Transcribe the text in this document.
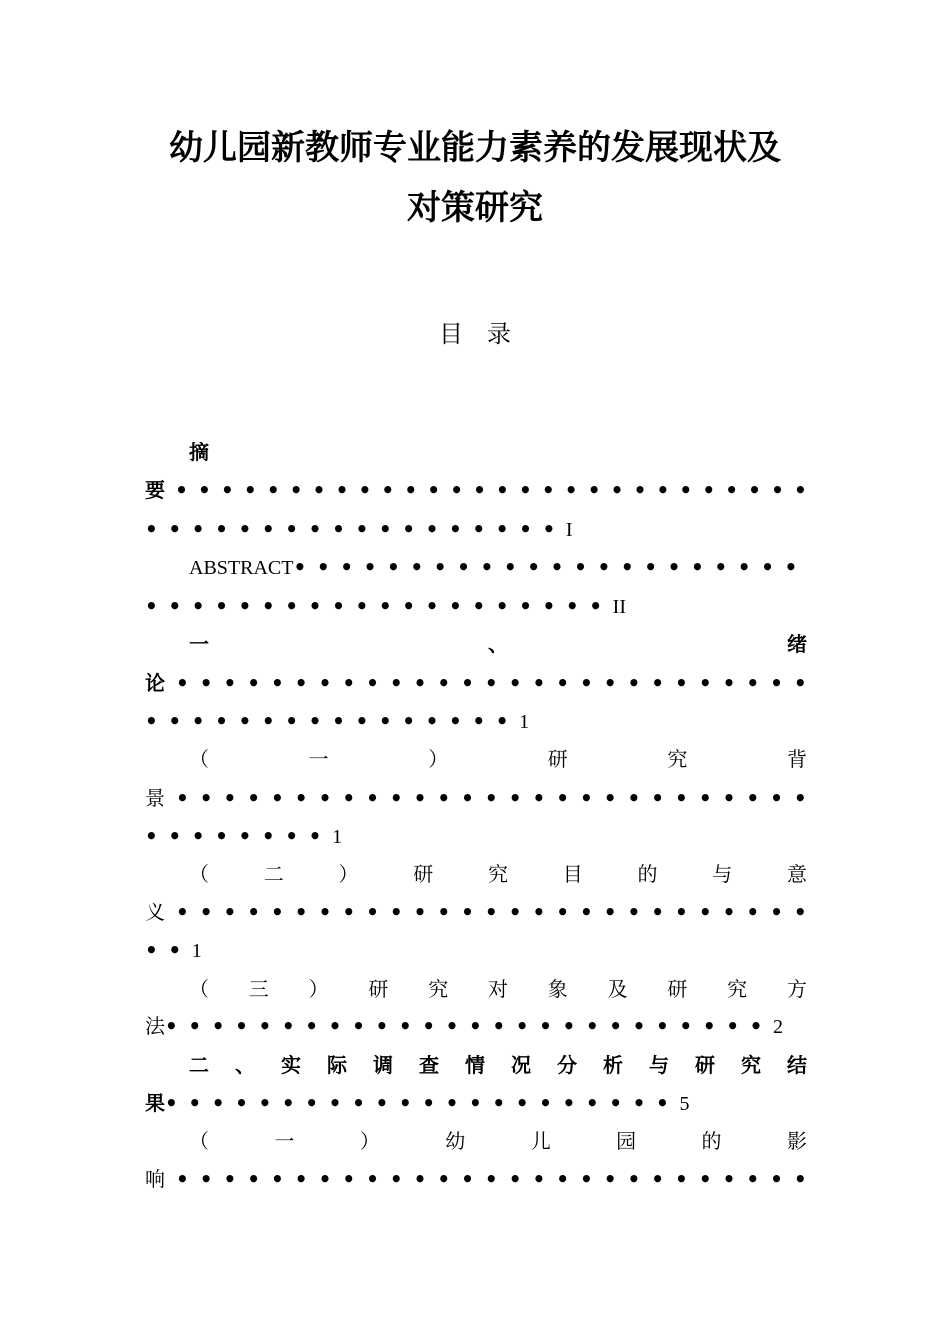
幼儿园新教师专业能力素养的发展现状及
对策研究
目 录
摘
要 • • • • • • • • • • • • • • • • • • • • • • • • • • • •
••••••••••••••••••I
ABSTRACT••••••••••••••••••••••
••••••••••••••••••••II
一	、	绪
论 • • • • • • • • • • • • • • • • • • • • • • • • • • •
••••••••••••••••1
（	一	）	研	究	背
景 • • • • • • • • • • • • • • • • • • • • • • • • • • •
••••••••1
（	二	）	研	究	目	的	与	意
义 • • • • • • • • • • • • • • • • • • • • • • • • • • •
••1
（ 三 ） 研 究 对 象 及 研 究 方
法••••••••••••••••••••••••••2
二 、 实 际 调 查 情 况 分 析 与 研 究 结
果••••••••••••••••••••••5
（	一	）	幼	儿	园	的	影
响 • • • • • • • • • • • • • • • • • • • • • • • • • • •
